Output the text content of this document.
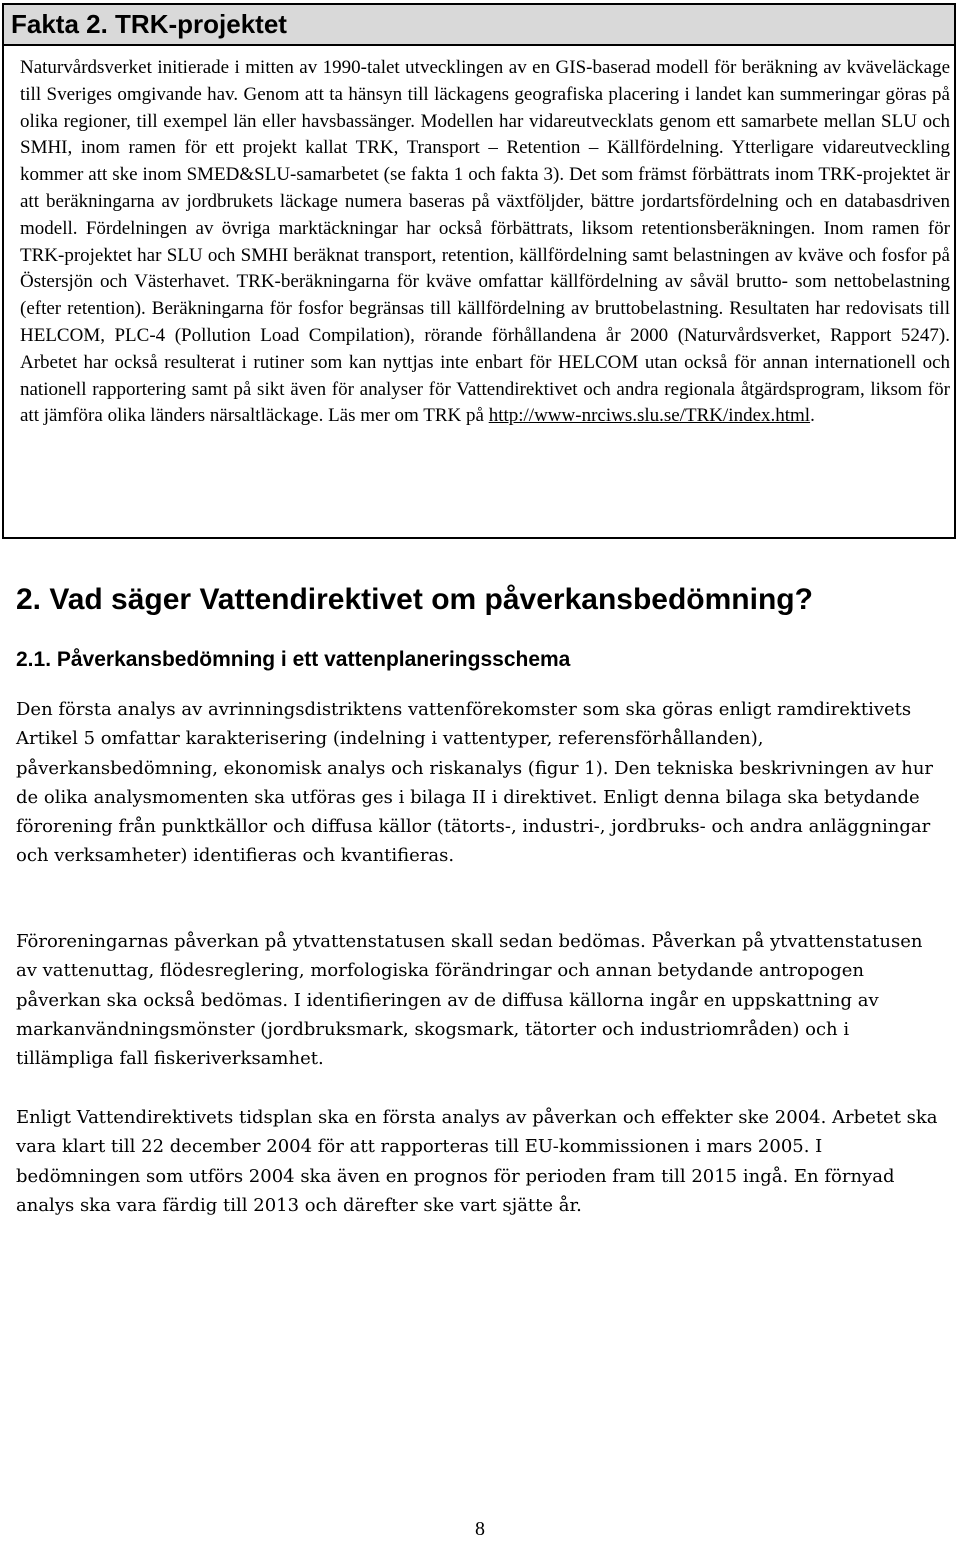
Fakta 2. TRK-projektet
Naturvårdsverket initierade i mitten av 1990-talet utvecklingen av en GIS-baserad modell för beräkning av kväveläckage till Sveriges omgivande hav. Genom att ta hänsyn till läckagens geografiska placering i landet kan summeringar göras på olika regioner, till exempel län eller havsbassänger. Modellen har vidareutvecklats genom ett samarbete mellan SLU och SMHI, inom ramen för ett projekt kallat TRK, Transport – Retention – Källfördelning. Ytterligare vidareutveckling kommer att ske inom SMED&SLU-samarbetet (se fakta 1 och fakta 3). Det som främst förbättrats inom TRK-projektet är att beräkningarna av jordbrukets läckage numera baseras på växtföljder, bättre jordartsfördelning och en databasdriven modell. Fördelningen av övriga marktäckningar har också förbättrats, liksom retentionsberäkningen. Inom ramen för TRK-projektet har SLU och SMHI beräknat transport, retention, källfördelning samt belastningen av kväve och fosfor på Östersjön och Västerhavet. TRK-beräkningarna för kväve omfattar källfördelning av såväl brutto- som nettobelastning (efter retention). Beräkningarna för fosfor begränsas till källfördelning av bruttobelastning. Resultaten har redovisats till HELCOM, PLC-4 (Pollution Load Compilation), rörande förhållandena år 2000 (Naturvårdsverket, Rapport 5247). Arbetet har också resulterat i rutiner som kan nyttjas inte enbart för HELCOM utan också för annan internationell och nationell rapportering samt på sikt även för analyser för Vattendirektivet och andra regionala åtgärdsprogram, liksom för att jämföra olika länders närsaltläckage. Läs mer om TRK på http://www-nrciws.slu.se/TRK/index.html.
2. Vad säger Vattendirektivet om påverkansbedömning?
2.1. Påverkansbedömning i ett vattenplaneringsschema

Den första analys av avrinningsdistriktens vattenförekomster som ska göras enligt ramdirektivets Artikel 5 omfattar karakterisering (indelning i vattentyper, referensförhållanden), påverkansbedömning, ekonomisk analys och riskanalys (figur 1). Den tekniska beskrivningen av hur de olika analysmomenten ska utföras ges i bilaga II i direktivet. Enligt denna bilaga ska betydande förorening från punktkällor och diffusa källor (tätorts-, industri-, jordbruks- och andra anläggningar och verksamheter) identifieras och kvantifieras.

Föroreningarnas påverkan på ytvattenstatusen skall sedan bedömas. Påverkan på ytvattenstatusen av vattenuttag, flödesreglering, morfologiska förändringar och annan betydande antropogen påverkan ska också bedömas. I identifieringen av de diffusa källorna ingår en uppskattning av markanvändningsmönster (jordbruksmark, skogsmark, tätorter och industriområden) och i tillämpliga fall fiskeriverksamhet.

Enligt Vattendirektivets tidsplan ska en första analys av påverkan och effekter ske 2004. Arbetet ska vara klart till 22 december 2004 för att rapporteras till EU-kommissionen i mars 2005. I bedömningen som utförs 2004 ska även en prognos för perioden fram till 2015 ingå. En förnyad analys ska vara färdig till 2013 och därefter ske vart sjätte år.

8
